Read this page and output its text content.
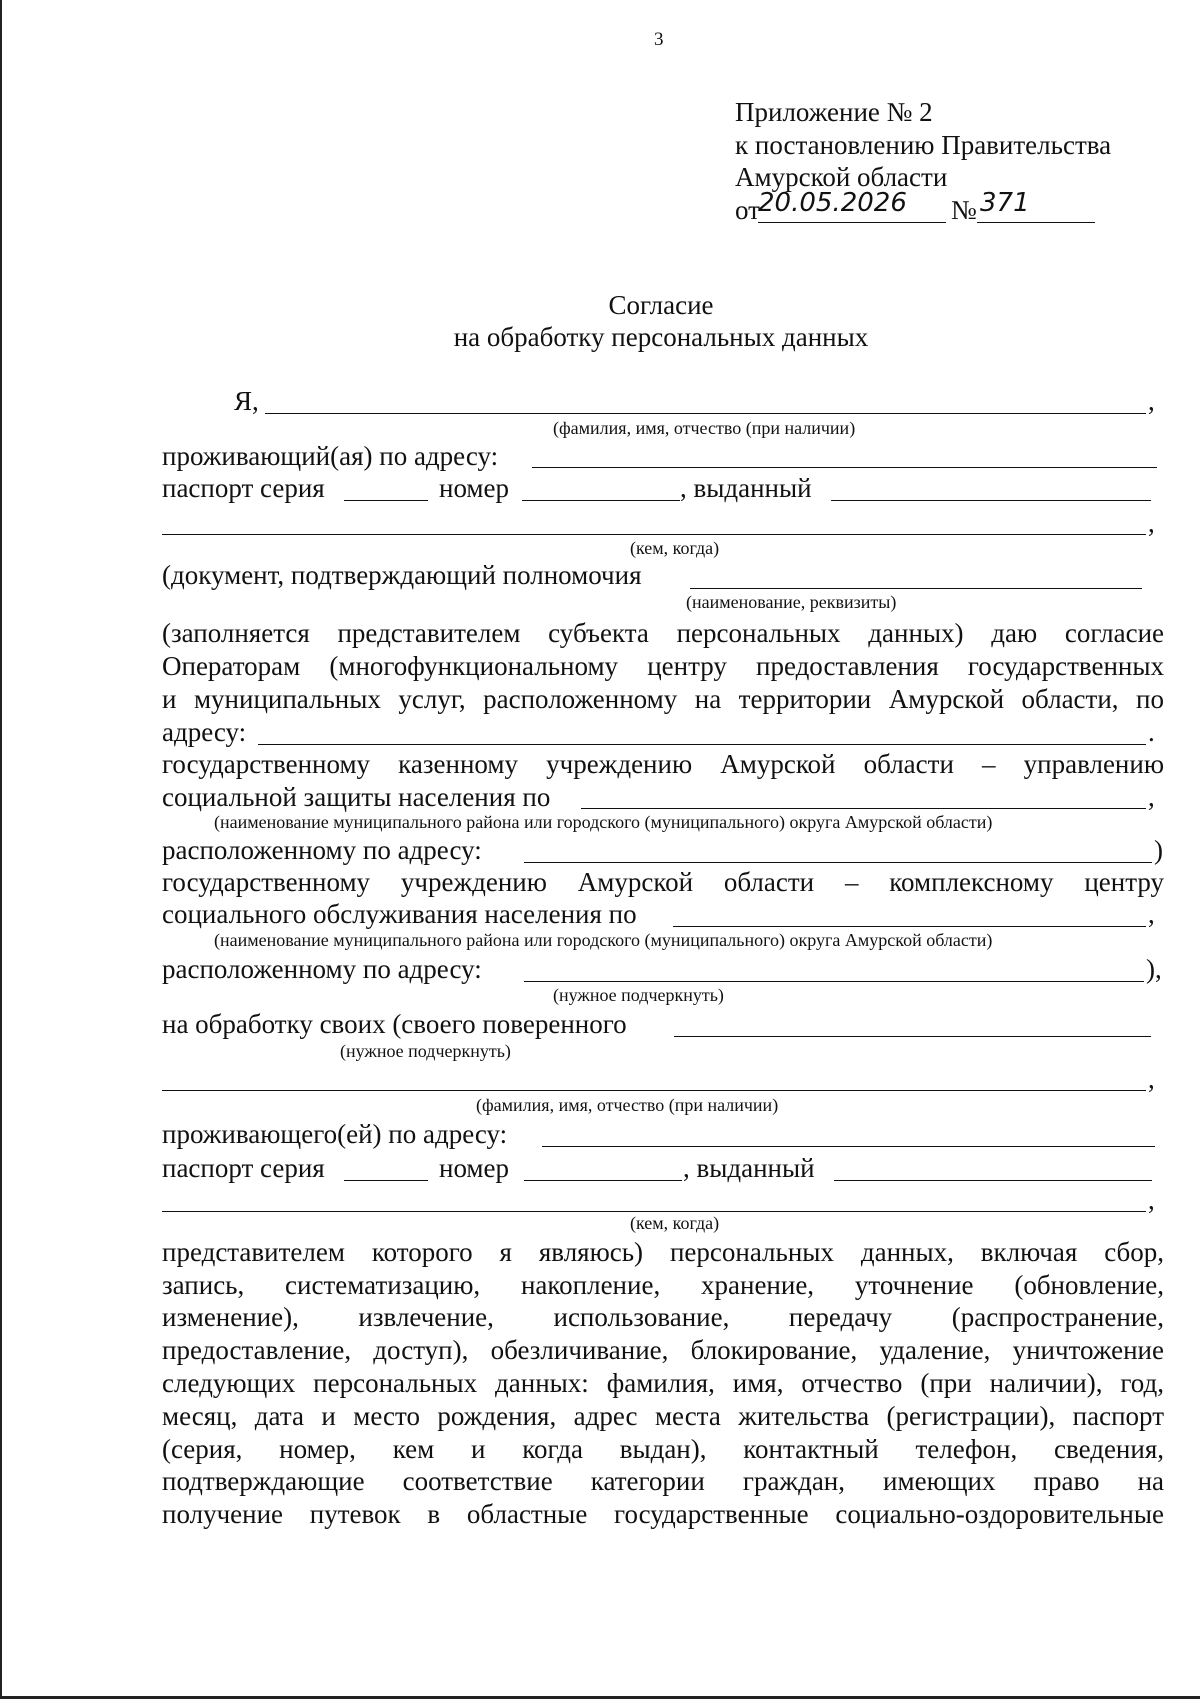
3
Приложение № 2
к постановлению Правительства
Амурской области
от
20.05.2026 № 371
Согласие
на обработку персональных данных
Я,	,
(фамилия, имя, отчество (при наличии)
проживающий(ая) по адресу:
паспорт серия	номер	, выданный
,
(кем, когда)
(документ, подтверждающий полномочия
(наименование, реквизиты)
(заполняется представителем субъекта персональных данных) даю согласие
Операторам (многофункциональному центру предоставления государственных
и муниципальных услуг, расположенному на территории Амурской области, по
адресу:	.
государственному казенному учреждению Амурской области – управлению
социальной защиты населения по	,
(наименование муниципального района или городского (муниципального) округа Амурской области)
расположенному по адресу:	)
государственному учреждению Амурской области – комплексному центру
социального обслуживания населения по	,
(наименование муниципального района или городского (муниципального) округа Амурской области)
расположенному по адресу:	),
(нужное подчеркнуть)
на обработку своих (своего поверенного
(нужное подчеркнуть)
,
(фамилия, имя, отчество (при наличии)
проживающего(ей) по адресу:
паспорт серия	номер	, выданный
,
(кем, когда)
представителем которого я являюсь) персональных данных, включая сбор,
запись, систематизацию, накопление, хранение, уточнение (обновление,
изменение), извлечение, использование, передачу (распространение,
предоставление, доступ), обезличивание, блокирование, удаление, уничтожение
следующих персональных данных: фамилия, имя, отчество (при наличии), год,
месяц, дата и место рождения, адрес места жительства (регистрации), паспорт
(серия, номер, кем и когда выдан), контактный телефон, сведения,
подтверждающие соответствие категории граждан, имеющих право на
получение путевок в областные государственные социально-оздоровительные
